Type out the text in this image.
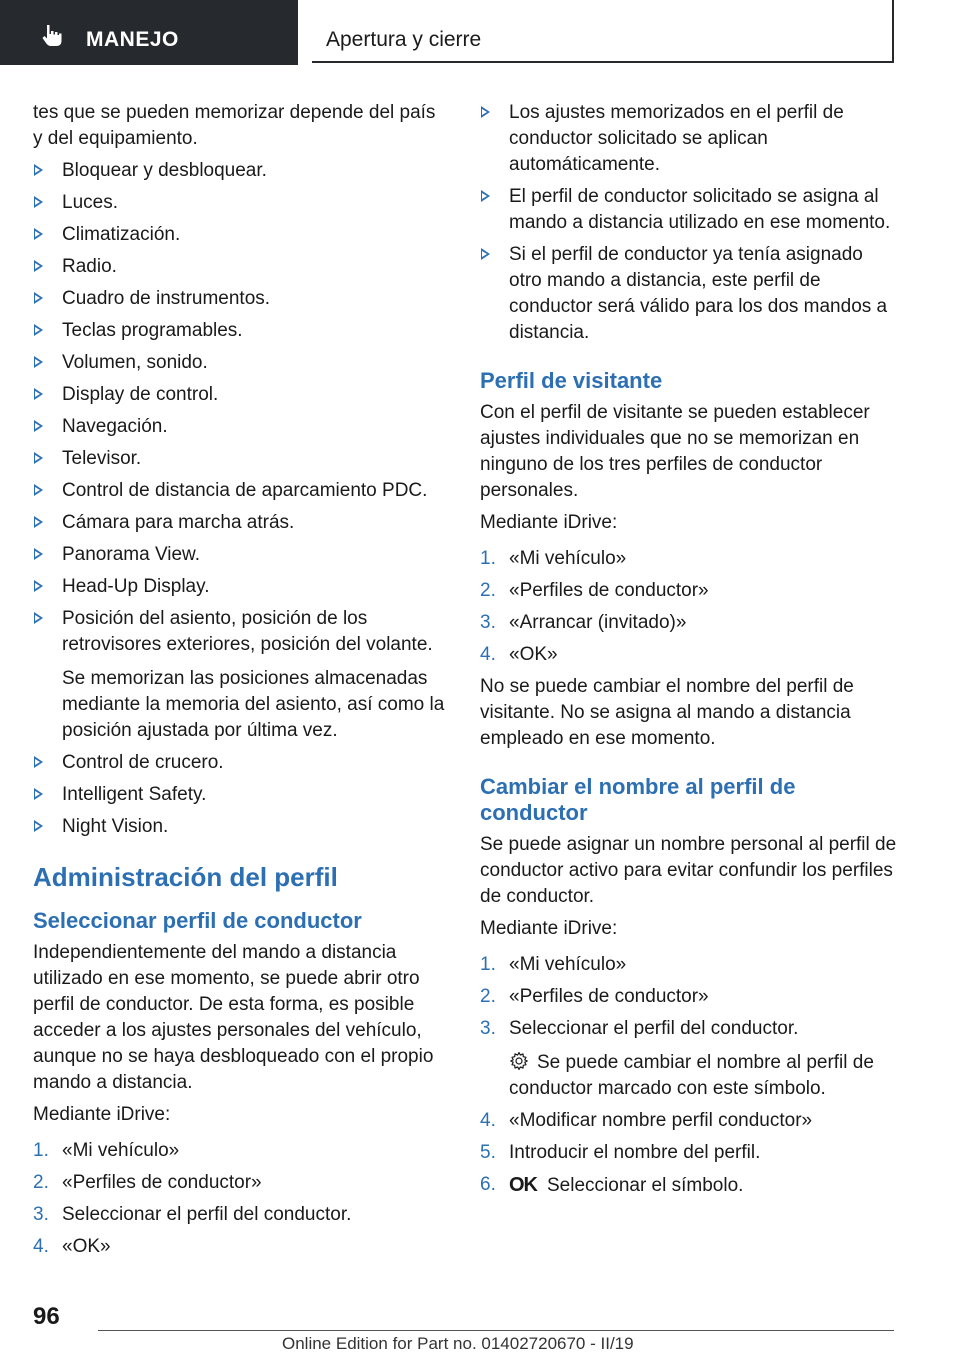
MANEJO	Apertura y cierre

tes que se pueden memorizar depende del país y del equipamiento.

Bloquear y desbloquear.
Luces.
Climatización.
Radio.
Cuadro de instrumentos.
Teclas programables.
Volumen, sonido.
Display de control.
Navegación.
Televisor.
Control de distancia de aparcamiento PDC.
Cámara para marcha atrás.
Panorama View.
Head-Up Display.
Posición del asiento, posición de los retrovisores exteriores, posición del volante.
Se memorizan las posiciones almacenadas mediante la memoria del asiento, así como la posición ajustada por última vez.
Control de crucero.
Intelligent Safety.
Night Vision.
Administración del perfil
Seleccionar perfil de conductor

Independientemente del mando a distancia utilizado en ese momento, se puede abrir otro perfil de conductor. De esta forma, es posible acceder a los ajustes personales del vehículo, aunque no se haya desbloqueado con el propio mando a distancia.

Mediante iDrive:

1. «Mi vehículo»
2. «Perfiles de conductor»
3. Seleccionar el perfil del conductor.
4. «OK»
Los ajustes memorizados en el perfil de conductor solicitado se aplican automáticamente.
El perfil de conductor solicitado se asigna al mando a distancia utilizado en ese momento.
Si el perfil de conductor ya tenía asignado otro mando a distancia, este perfil de conductor será válido para los dos mandos a distancia.
Perfil de visitante

Con el perfil de visitante se pueden establecer ajustes individuales que no se memorizan en ninguno de los tres perfiles de conductor personales.

Mediante iDrive:

1. «Mi vehículo»
2. «Perfiles de conductor»
3. «Arrancar (invitado)»
4. «OK»

No se puede cambiar el nombre del perfil de visitante. No se asigna al mando a distancia empleado en ese momento.

Cambiar el nombre al perfil de conductor

Se puede asignar un nombre personal al perfil de conductor activo para evitar confundir los perfiles de conductor.

Mediante iDrive:

1. «Mi vehículo»
2. «Perfiles de conductor»
3. Seleccionar el perfil del conductor.
Se puede cambiar el nombre al perfil de conductor marcado con este símbolo.
4. «Modificar nombre perfil conductor»
5. Introducir el nombre del perfil.
6. OK Seleccionar el símbolo.
96
Online Edition for Part no. 01402720670 - II/19
